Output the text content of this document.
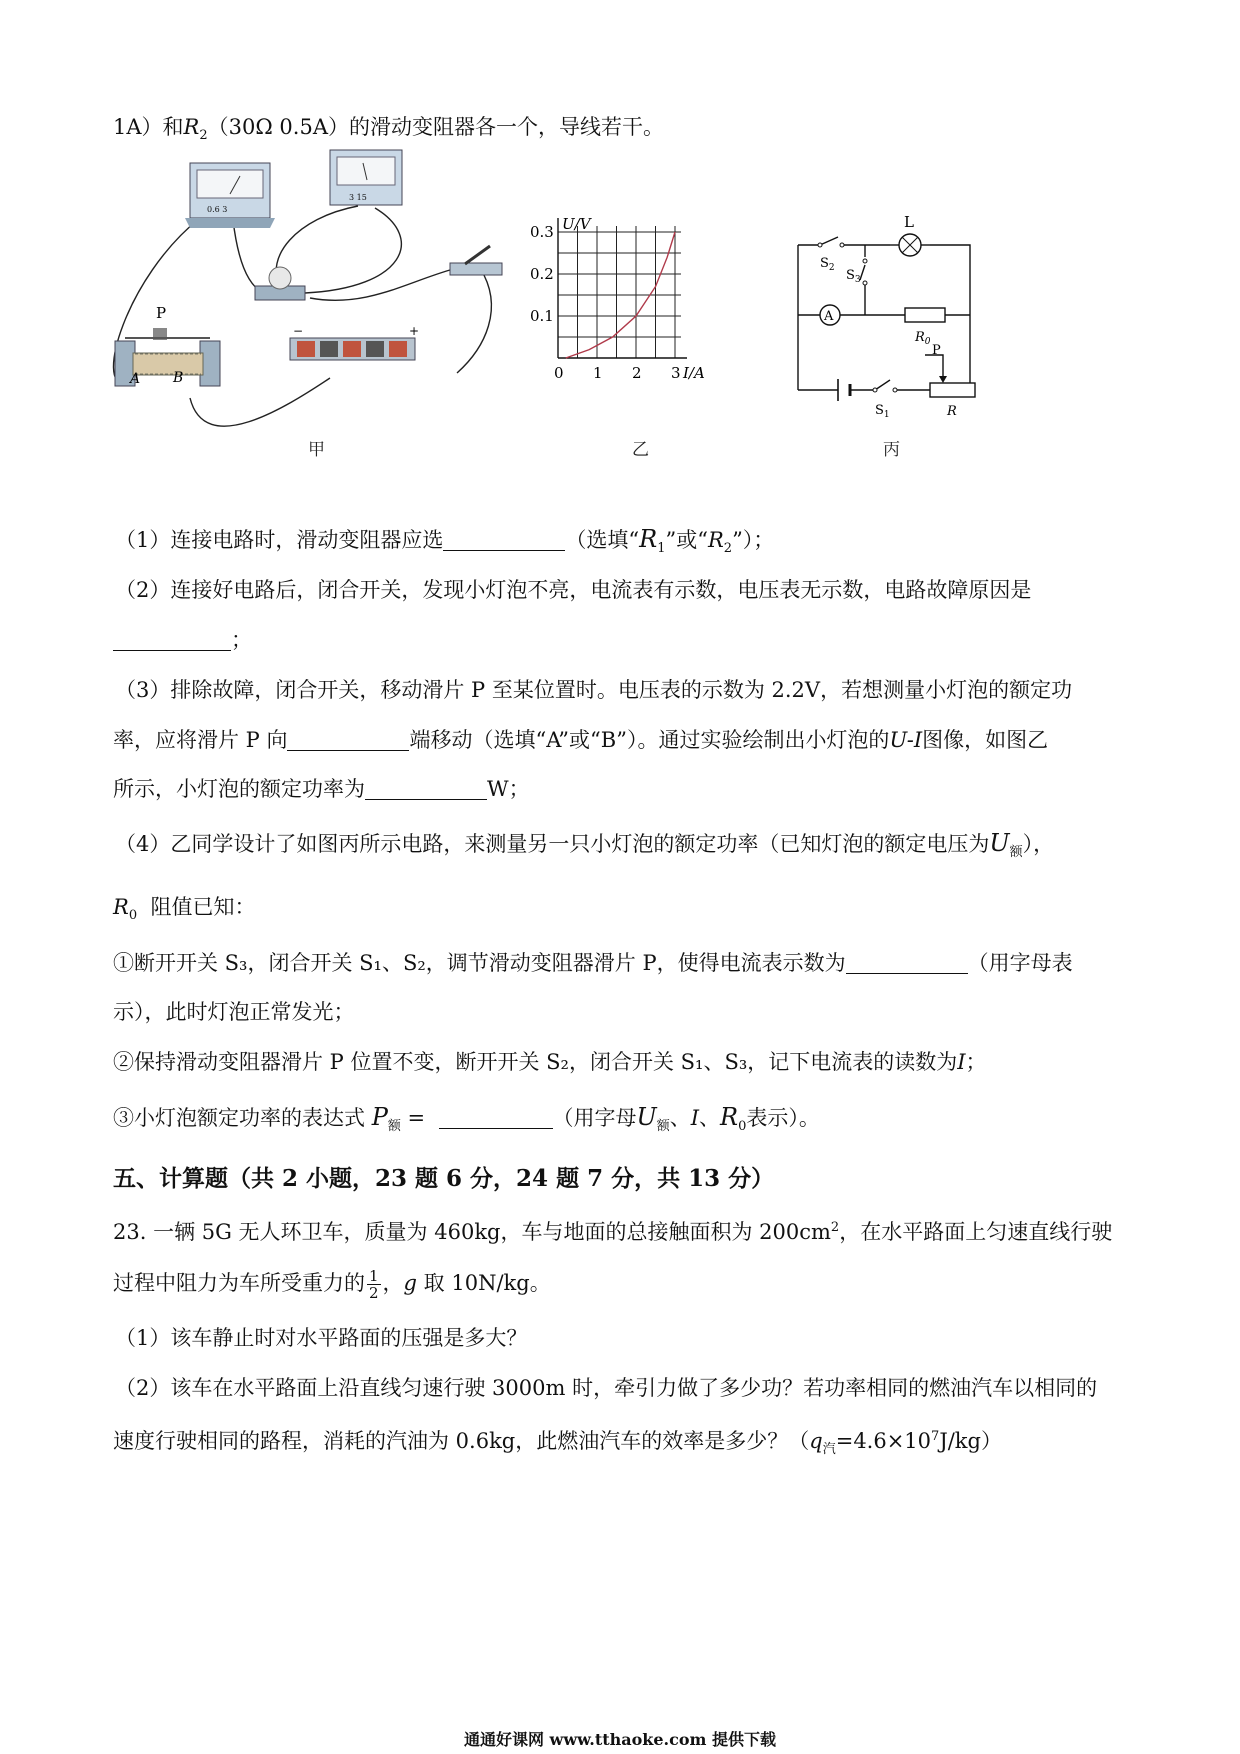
1A）和$R_2(30\Omega$ 0.5A）的滑动变阻器各一个，导线若干。
0.6 3
3 15
−	+
P
A B
甲
0 1 2 3
0.1
0.2
0.3 U/V
I/A
乙
L
A
$R_0$
P
R
$S_2$ $S_3$
$S_1$
丙
（1）连接电路时，滑动变阻器应选	（选填“$R_1$”或“$R_2$”）；
（2）连接好电路后，闭合开关，发现小灯泡不亮，电流表有示数，电压表无示数，电路故障原因是
；
（3）排除故障，闭合开关，移动滑片 P 至某位置时。电压表的示数为 2.2V，若想测量小灯泡的额定功
率，应将滑片 P 向	端移动（选填“A”或“B”）。通过实验绘制出小灯泡的U-I图像，如图乙
所示，小灯泡的额定功率为	W；
（4）乙同学设计了如图丙所示电路，来测量另一只小灯泡的额定功率（已知灯泡的额定电压为$U_额$），
$R_0$ 阻值已知：
①断开开关 S₃，闭合开关 S₁、S₂，调节滑动变阻器滑片 P，使得电流表示数为	（用字母表
示），此时灯泡正常发光；
②保持滑动变阻器滑片 P 位置不变，断开开关 S₂，闭合开关 S₁、S₃，记下电流表的读数为I；
③小灯泡额定功率的表达式 $P_额$ =	（用字母$U_额$、I、$R_0$表示）。
五、计算题（共 2 小题，23 题 6 分，24 题 7 分，共 13 分）
23. 一辆 5G 无人环卫车，质量为 460kg，车与地面的总接触面积为 $200cm^2$，在水平路面上匀速直线行驶
过程中阻力为车所受重力的 $\frac{1}{2}$ ，g 取 10N/kg。
（1）该车静止时对水平路面的压强是多大？
（2）该车在水平路面上沿直线匀速行驶 3000m 时，牵引力做了多少功？若功率相同的燃油汽车以相同的
速度行驶相同的路程，消耗的汽油为 0.6kg，此燃油汽车的效率是多少？$(q_汽=4.6\times 10^7J/kg)$
通通好课网 www.tthaoke.com 提供下载
